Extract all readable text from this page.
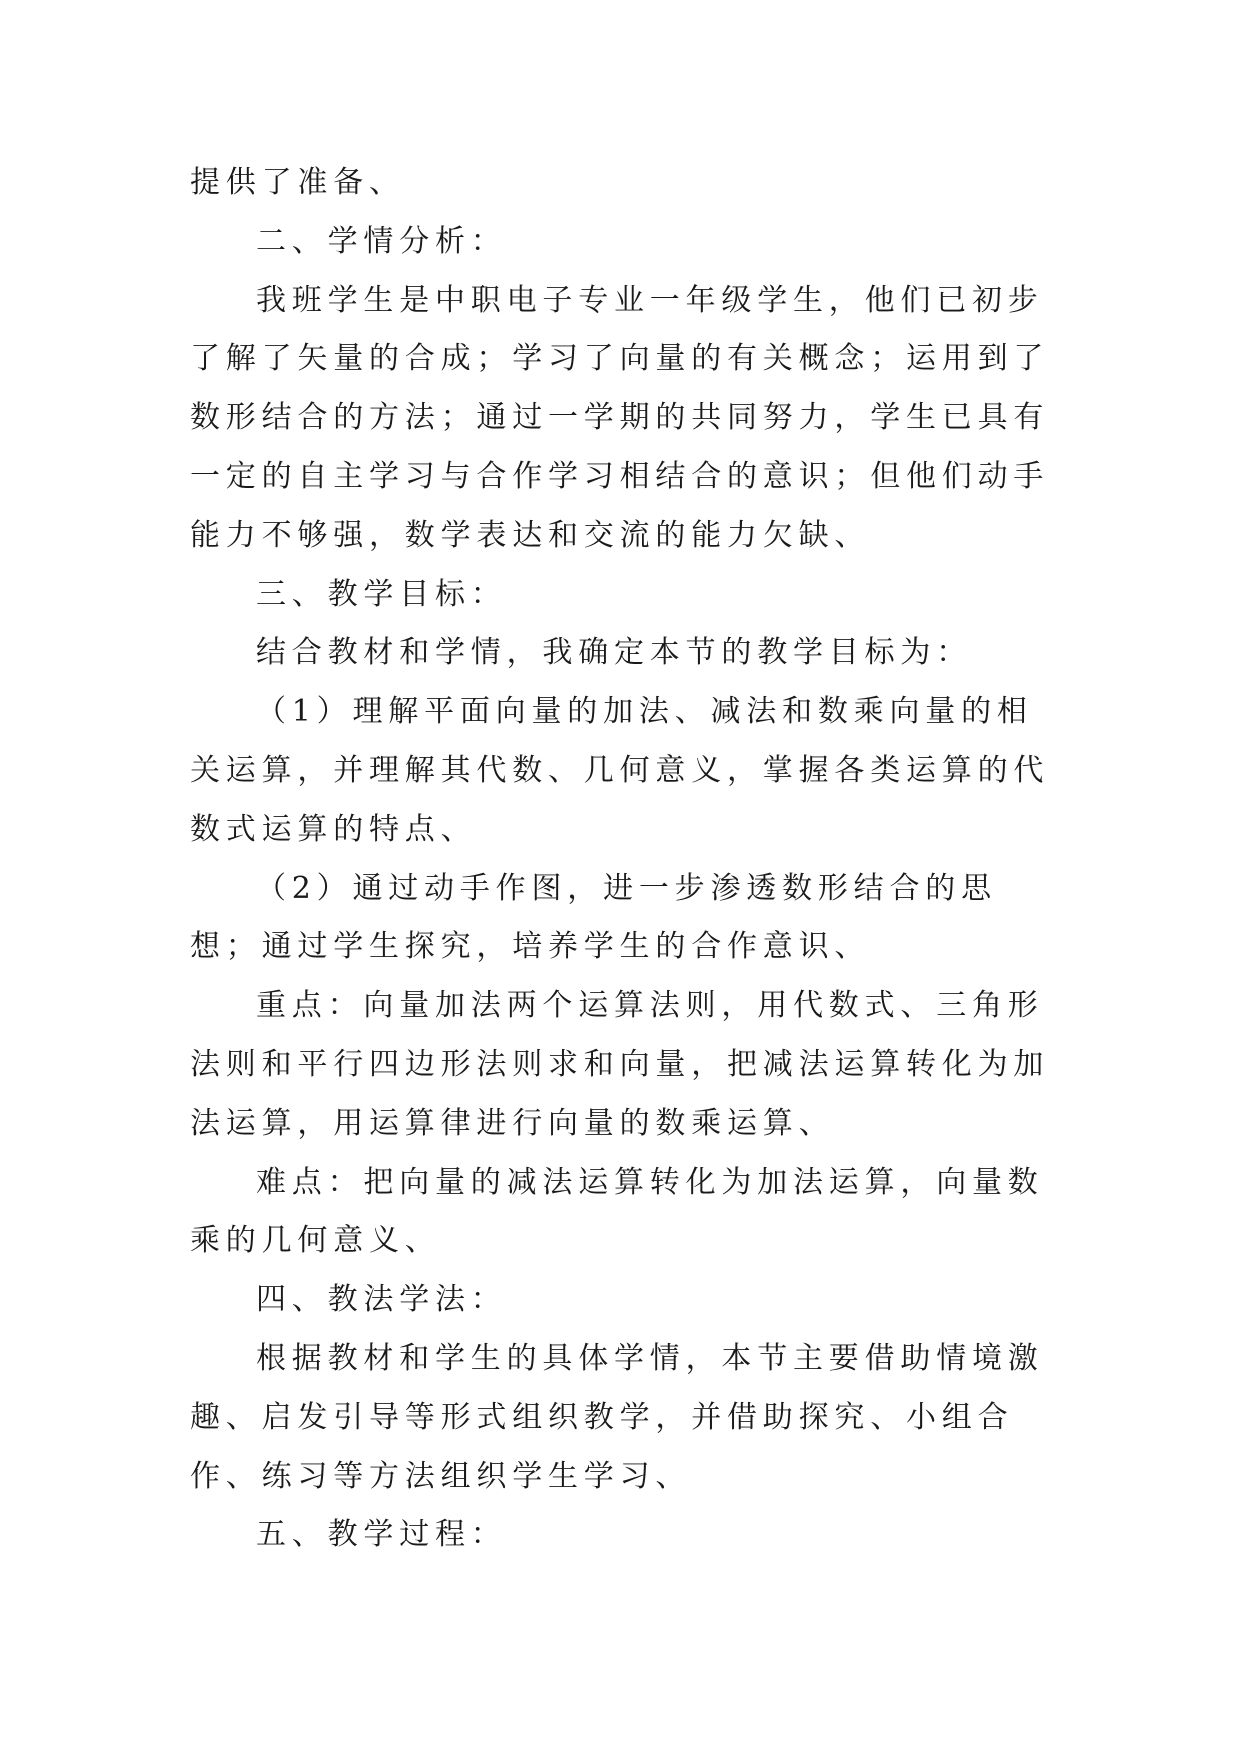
提供了准备、

二、学情分析：

我班学生是中职电子专业一年级学生，他们已初步了解了矢量的合成；学习了向量的有关概念；运用到了数形结合的方法；通过一学期的共同努力，学生已具有一定的自主学习与合作学习相结合的意识；但他们动手能力不够强，数学表达和交流的能力欠缺、

三、教学目标：

结合教材和学情，我确定本节的教学目标为：

（1）理解平面向量的加法、减法和数乘向量的相关运算，并理解其代数、几何意义，掌握各类运算的代数式运算的特点、

（2）通过动手作图，进一步渗透数形结合的思想；通过学生探究，培养学生的合作意识、

重点：向量加法两个运算法则，用代数式、三角形法则和平行四边形法则求和向量，把减法运算转化为加法运算，用运算律进行向量的数乘运算、

难点：把向量的减法运算转化为加法运算，向量数乘的几何意义、

四、教法学法：

根据教材和学生的具体学情，本节主要借助情境激趣、启发引导等形式组织教学，并借助探究、小组合作、练习等方法组织学生学习、

五、教学过程：
